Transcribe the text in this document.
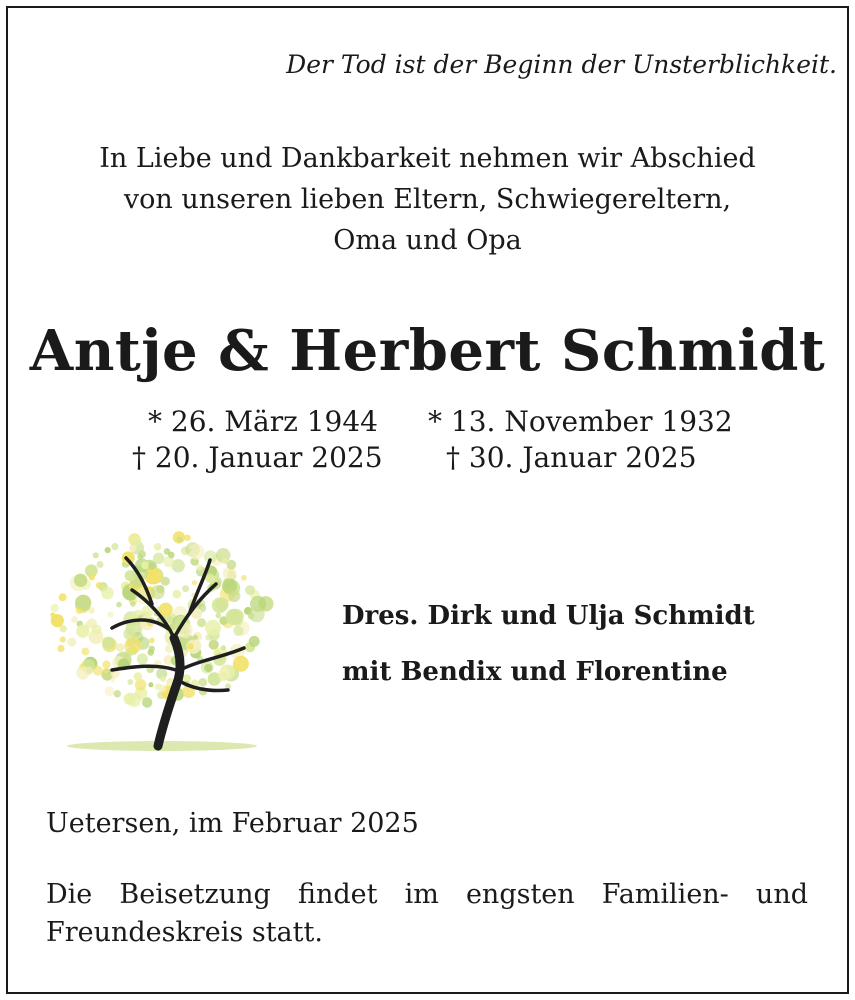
Der Tod ist der Beginn der Unsterblichkeit.
In Liebe und Dankbarkeit nehmen wir Abschied
von unseren lieben Eltern, Schwiegereltern,
Oma und Opa
Antje & Herbert Schmidt
* 26. März 1944
† 20. Januar 2025
* 13. November 1932
† 30. Januar 2025
Dres. Dirk und Ulja Schmidt
mit Bendix und Florentine
Uetersen, im Februar 2025
Die Beisetzung findet im engsten Familien- und Freundeskreis statt.
